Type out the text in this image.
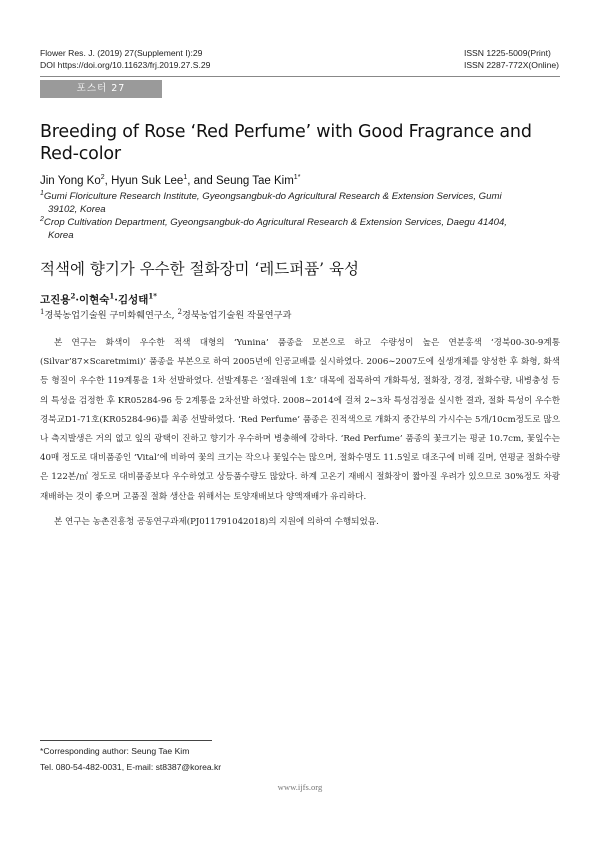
Flower Res. J. (2019) 27(Supplement I):29
DOI https://doi.org/10.11623/frj.2019.27.S.29
ISSN 1225-5009(Print)
ISSN 2287-772X(Online)
포스터 27
Breeding of Rose ‘Red Perfume’ with Good Fragrance and Red-color
Jin Yong Ko$^2$, Hyun Suk Lee$^1$, and Seung Tae Kim$^{1*}$
$^1$Gumi Floriculture Research Institute, Gyeongsangbuk-do Agricultural Research & Extension Services, Gumi
39102, Korea
$^2$Crop Cultivation Department, Gyeongsangbuk-do Agricultural Research & Extension Services, Daegu 41404,
Korea
적색에 향기가 우수한 절화장미 ‘레드퍼퓸’ 육성
고진용$^2$·이현숙$^1$·김성태$^{1*}$
$^1$경북농업기술원 구미화훼연구소, $^2$경북농업기술원 작물연구과

본 연구는 화색이 우수한 적색 대형의 ‘Yunina’ 품종을 모본으로 하고 수량성이 높은 연분홍색 ‘경북00-30-9계통(Silvar’87×Scaretmimi)’ 품종을 부본으로 하여 2005년에 인공교배를 실시하였다. 2006∼2007도에 실생개체를 양성한 후 화형, 화색 등 형질이 우수한 119계통을 1차 선발하였다. 선발계통은 ‘절래원예 1호’ 대목에 접목하여 개화특성, 절화장, 경경, 절화수량, 내병충성 등의 특성을 검정한 후 KR05284-96 등 2계통을 2차선발 하였다. 2008∼2014에 걸쳐 2∼3차 특성검정을 실시한 결과, 절화 특성이 우수한 경북교D1-71호(KR05284-96)를 최종 선발하였다. ‘Red Perfume’ 품종은 진적색으로 개화지 중간부의 가시수는 5개/10cm정도로 많으나 측지발생은 거의 없고 잎의 광택이 진하고 향기가 우수하며 병충해에 강하다. ‘Red Perfume’ 품종의 꽃크기는 평균 10.7cm, 꽃잎수는 40매 정도로 대비품종인 ‘Vital’에 비하여 꽃의 크기는 작으나 꽃잎수는 많으며, 절화수명도 11.5일로 대조구에 비해 길며, 연평균 절화수량은 122본/㎡ 정도로 대비품종보다 우수하였고 상등품수량도 많았다. 하계 고온기 재배시 절화장이 짧아질 우려가 있으므로 30%정도 차광재배하는 것이 좋으며 고품질 절화 생산을 위해서는 토양재배보다 양액재배가 유리하다.

본 연구는 농촌진흥청 공동연구과제(PJ011791042018)의 지원에 의하여 수행되었음.

*Corresponding author: Seung Tae Kim
Tel. 080-54-482-0031, E-mail: st8387@korea.kr
www.ijfs.org
